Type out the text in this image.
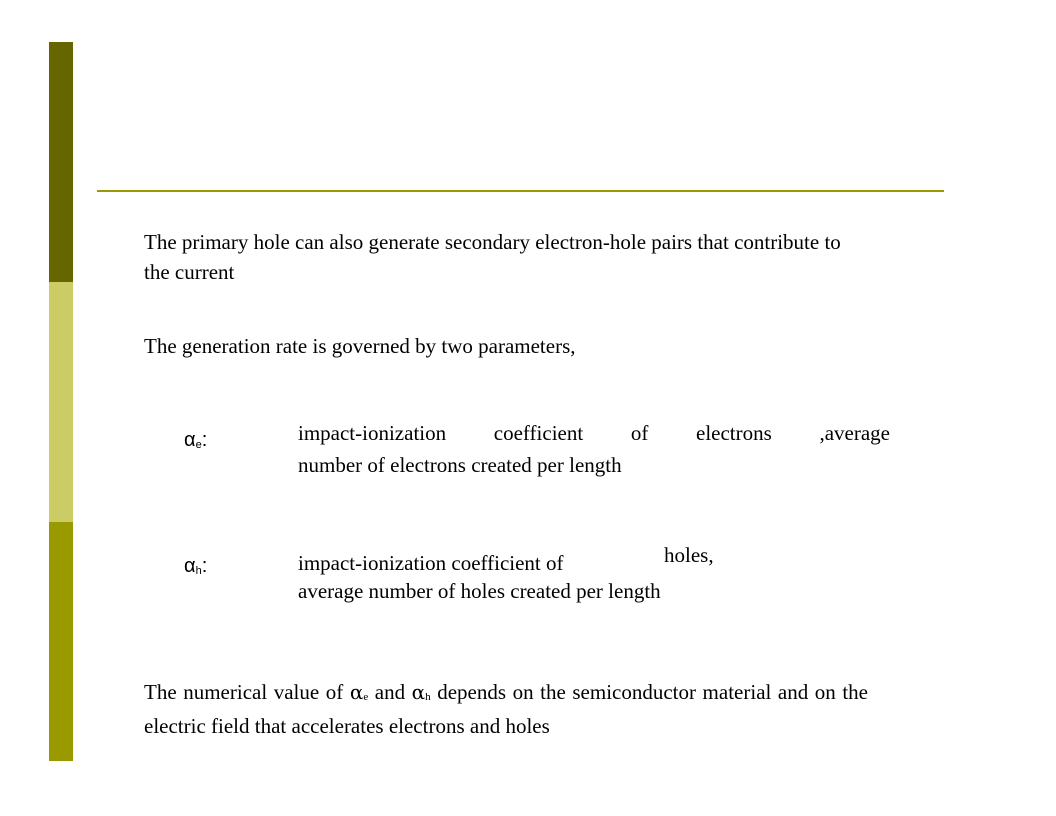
The primary hole can also generate secondary electron-hole pairs that contribute to the current
The generation rate is governed by two parameters,
$\alpha_e$:	impact-ionization coefficient of electrons ,average
number of electrons created per length
$\alpha_h$:	impact-ionization coefficient of	holes,
average number of holes created per length
The numerical value of $\alpha_e$ and $\alpha_h$ depends on the semiconductor material and on the electric field that accelerates electrons and holes
